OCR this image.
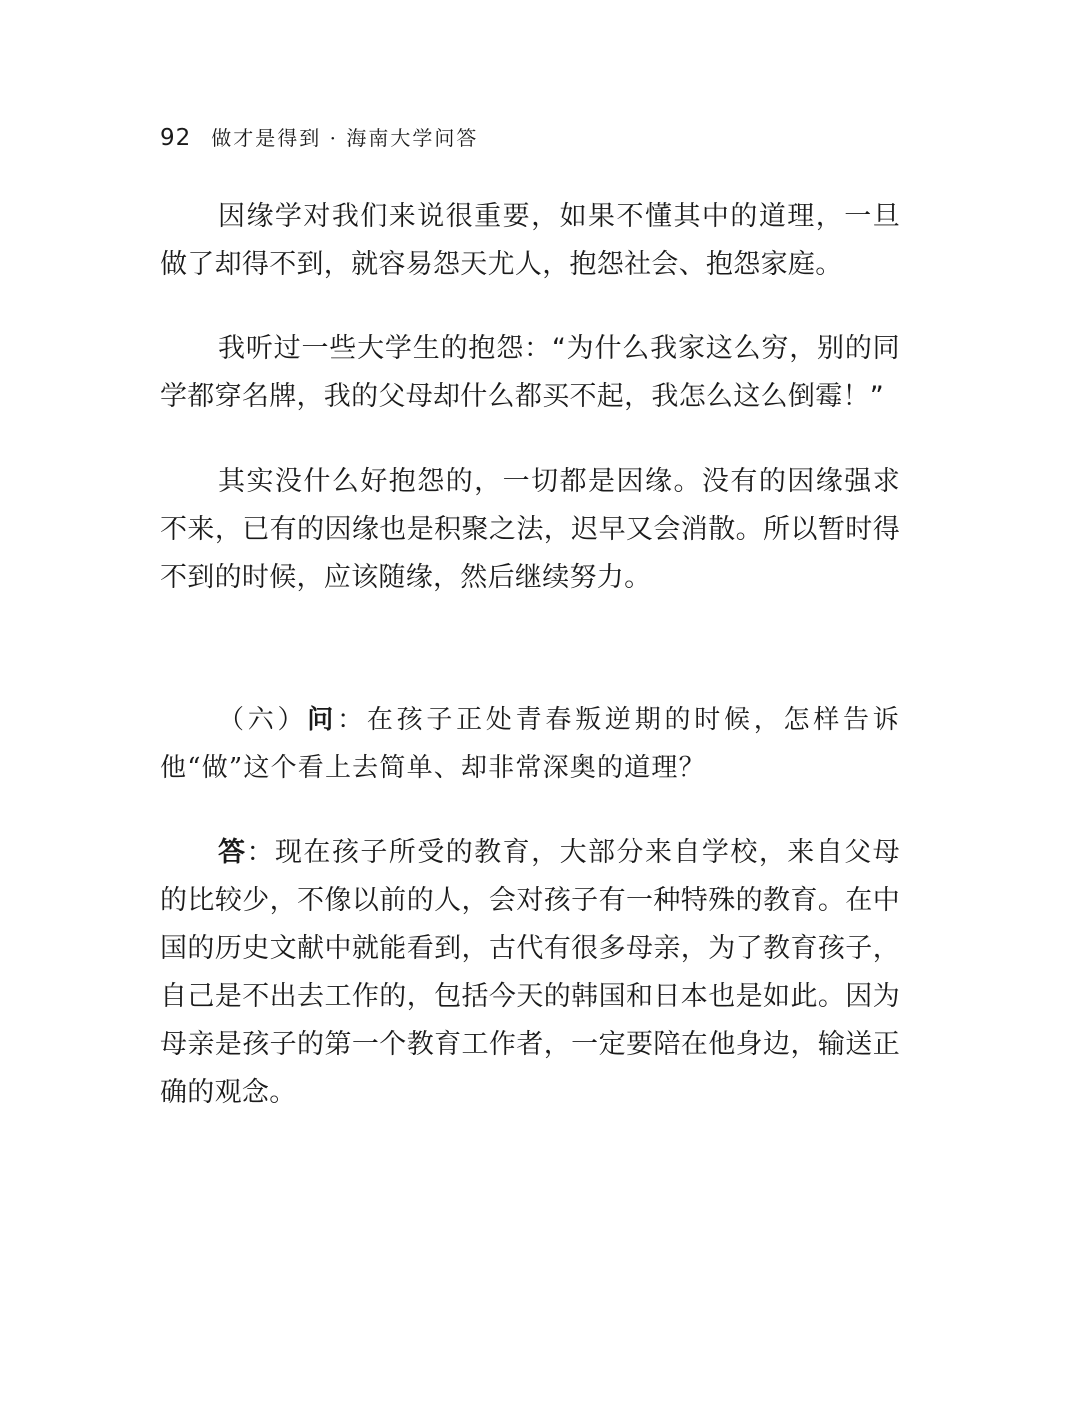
92 做才是得到 · 海南大学问答

因缘学对我们来说很重要，如果不懂其中的道理，一旦做了却得不到，就容易怨天尤人，抱怨社会、抱怨家庭。

我听过一些大学生的抱怨：“为什么我家这么穷，别的同学都穿名牌，我的父母却什么都买不起，我怎么这么倒霉！”

其实没什么好抱怨的，一切都是因缘。没有的因缘强求不来，已有的因缘也是积聚之法，迟早又会消散。所以暂时得不到的时候，应该随缘，然后继续努力。

（六）问：在孩子正处青春叛逆期的时候，怎样告诉他“做”这个看上去简单、却非常深奥的道理？

答：现在孩子所受的教育，大部分来自学校，来自父母的比较少，不像以前的人，会对孩子有一种特殊的教育。在中国的历史文献中就能看到，古代有很多母亲，为了教育孩子，自己是不出去工作的，包括今天的韩国和日本也是如此。因为母亲是孩子的第一个教育工作者，一定要陪在他身边，输送正确的观念。
